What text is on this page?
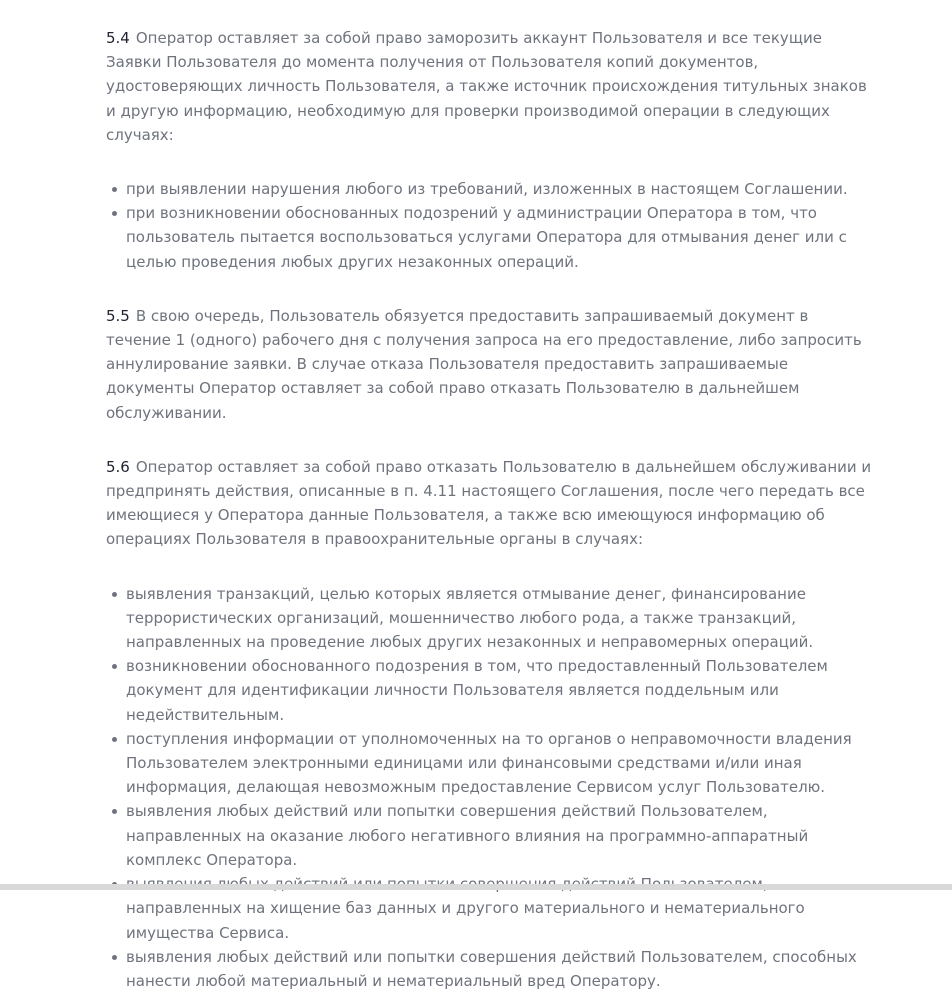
5.4 Оператор оставляет за собой право заморозить аккаунт Пользователя и все текущие Заявки Пользователя до момента получения от Пользователя копий документов, удостоверяющих личность Пользователя, а также источник происхождения титульных знаков и другую информацию, необходимую для проверки производимой операции в следующих случаях:

при выявлении нарушения любого из требований, изложенных в настоящем Соглашении.
при возникновении обоснованных подозрений у администрации Оператора в том, что пользователь пытается воспользоваться услугами Оператора для отмывания денег или с целью проведения любых других незаконных операций.

5.5 В свою очередь, Пользователь обязуется предоставить запрашиваемый документ в течение 1 (одного) рабочего дня с получения запроса на его предоставление, либо запросить аннулирование заявки. В случае отказа Пользователя предоставить запрашиваемые документы Оператор оставляет за собой право отказать Пользователю в дальнейшем обслуживании.

5.6 Оператор оставляет за собой право отказать Пользователю в дальнейшем обслуживании и предпринять действия, описанные в п. 4.11 настоящего Соглашения, после чего передать все имеющиеся у Оператора данные Пользователя, а также всю имеющуюся информацию об операциях Пользователя в правоохранительные органы в случаях:

выявления транзакций, целью которых является отмывание денег, финансирование террористических организаций, мошенничество любого рода, а также транзакций, направленных на проведение любых других незаконных и неправомерных операций.
возникновении обоснованного подозрения в том, что предоставленный Пользователем документ для идентификации личности Пользователя является поддельным или недействительным.
поступления информации от уполномоченных на то органов о неправомочности владения Пользователем электронными единицами или финансовыми средствами и/или иная информация, делающая невозможным предоставление Сервисом услуг Пользователю.
выявления любых действий или попытки совершения действий Пользователем, направленных на оказание любого негативного влияния на программно-аппаратный комплекс Оператора.
направленных на хищение баз данных и другого материального и нематериального имущества Сервиса.
выявления любых действий или попытки совершения действий Пользователем, способных нанести любой материальный и нематериальный вред Оператору.
